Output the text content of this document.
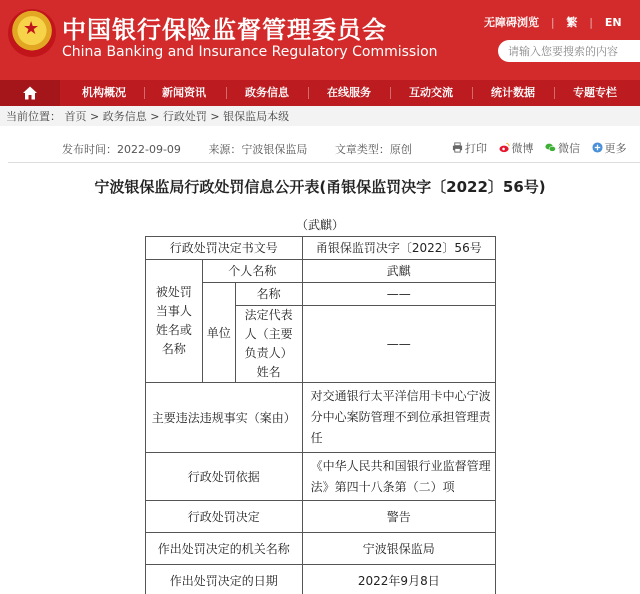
★ 中国银行保险监督管理委员会
China Banking and Insurance Regulatory Commission
无障碍浏览 | 繁 | EN
请输入您要搜索的内容
机构概况	新闻资讯	政务信息	在线服务	互动交流	统计数据	专题专栏
当前位置： 首页 > 政务信息 > 行政处罚 > 银保监局本级
发布时间：2022-09-09	来源：宁波银保监局	文章类型：原创	打印 微博 微信 更多
宁波银保监局行政处罚信息公开表(甬银保监罚决字〔2022〕56号)
（武麒）
行政处罚决定书文号			甬银保监罚决字〔2022〕56号
被处罚当事人姓名或名称	个人名称		武麒
	单位	名称	——
		法定代表人（主要负责人）姓名	——
主要违法违规事实（案由）			对交通银行太平洋信用卡中心宁波分中心案防管理不到位承担管理责任
行政处罚依据			《中华人民共和国银行业监督管理法》第四十八条第（二）项
行政处罚决定			警告
作出处罚决定的机关名称			宁波银保监局
作出处罚决定的日期			2022年9月8日
